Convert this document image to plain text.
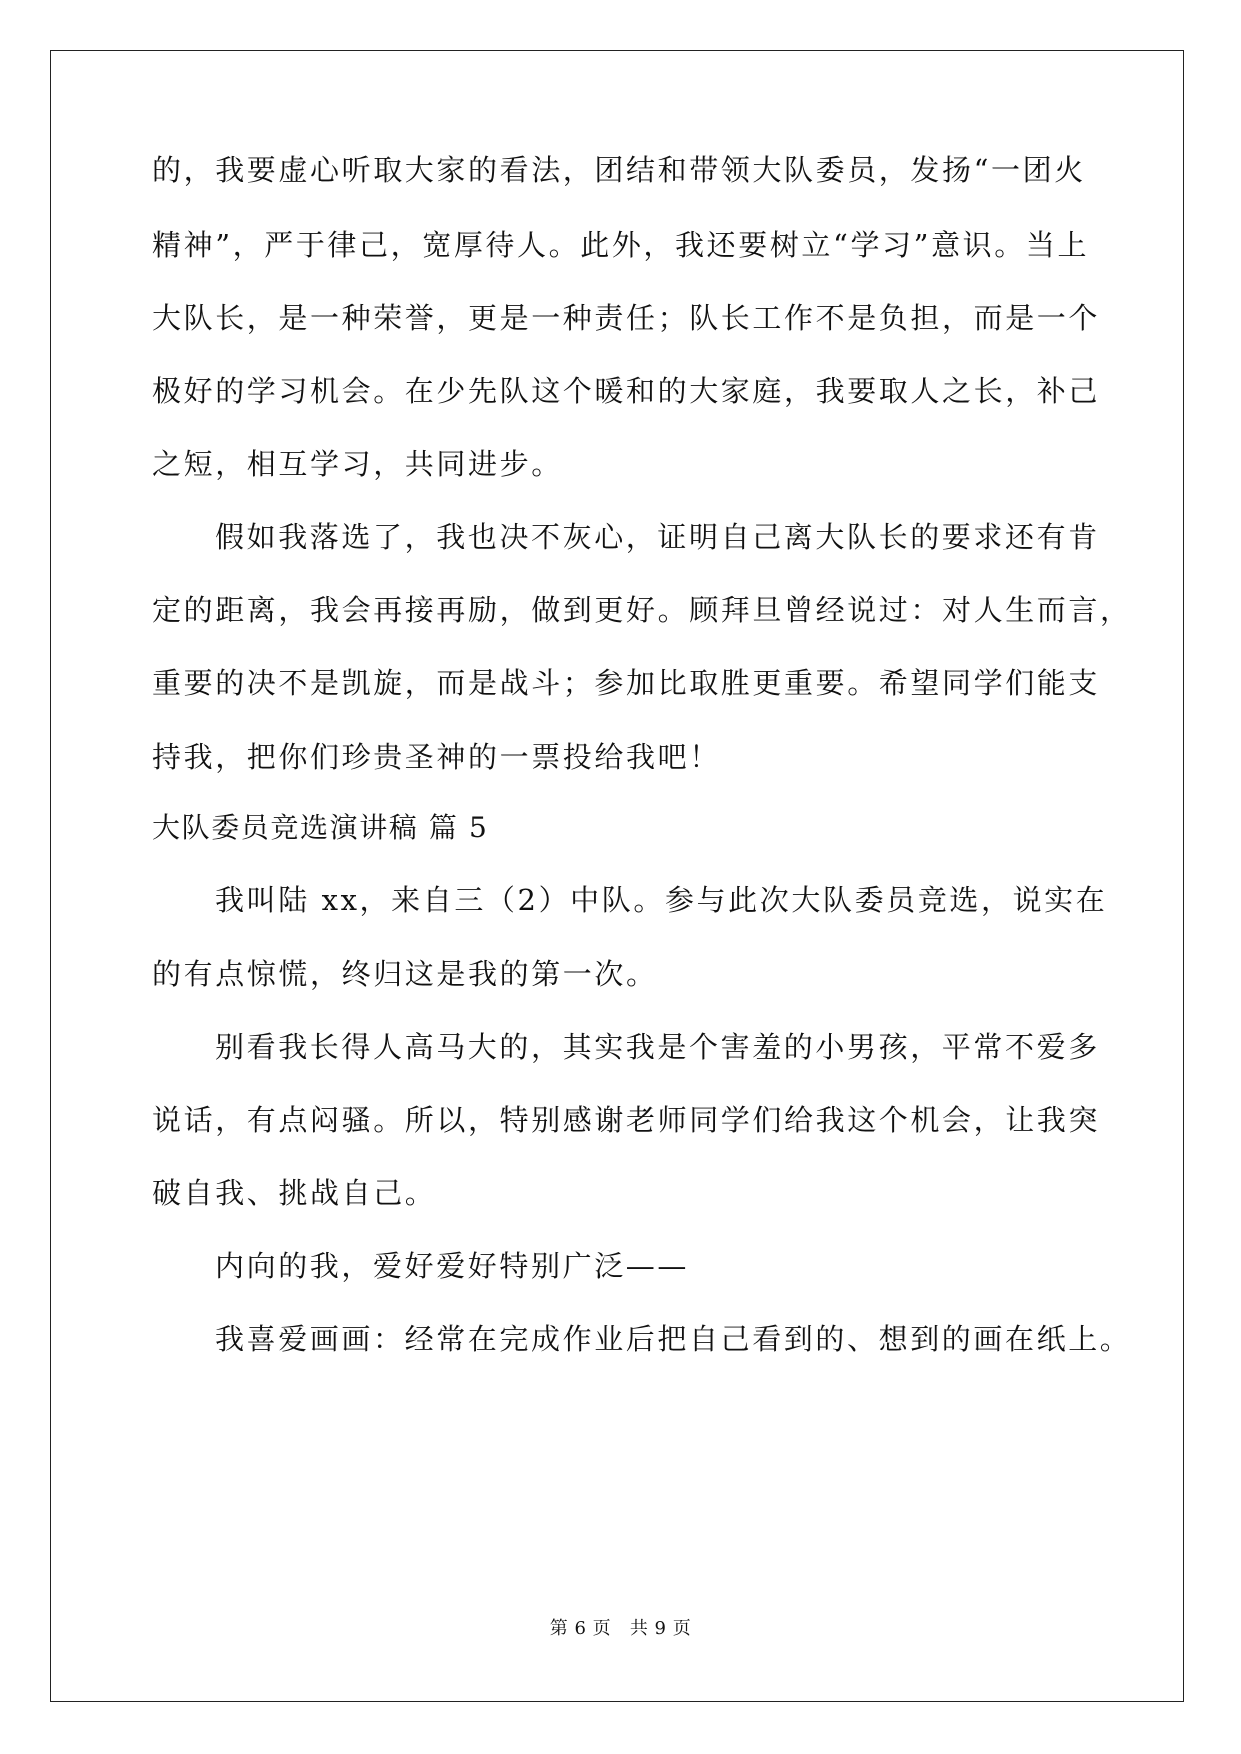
的，我要虚心听取大家的看法，团结和带领大队委员，发扬“一团火
精神”，严于律己，宽厚待人。此外，我还要树立“学习”意识。当上
大队长，是一种荣誉，更是一种责任；队长工作不是负担，而是一个
极好的学习机会。在少先队这个暖和的大家庭，我要取人之长，补己
之短，相互学习，共同进步。
假如我落选了，我也决不灰心，证明自己离大队长的要求还有肯
定的距离，我会再接再励，做到更好。顾拜旦曾经说过：对人生而言，
重要的决不是凯旋，而是战斗；参加比取胜更重要。希望同学们能支
持我，把你们珍贵圣神的一票投给我吧！
大队委员竞选演讲稿 篇 5
我叫陆 xx，来自三（2）中队。参与此次大队委员竞选，说实在
的有点惊慌，终归这是我的第一次。
别看我长得人高马大的，其实我是个害羞的小男孩，平常不爱多
说话，有点闷骚。所以，特别感谢老师同学们给我这个机会，让我突
破自我、挑战自己。
内向的我，爱好爱好特别广泛——
我喜爱画画：经常在完成作业后把自己看到的、想到的画在纸上。
第 6 页   共 9 页
